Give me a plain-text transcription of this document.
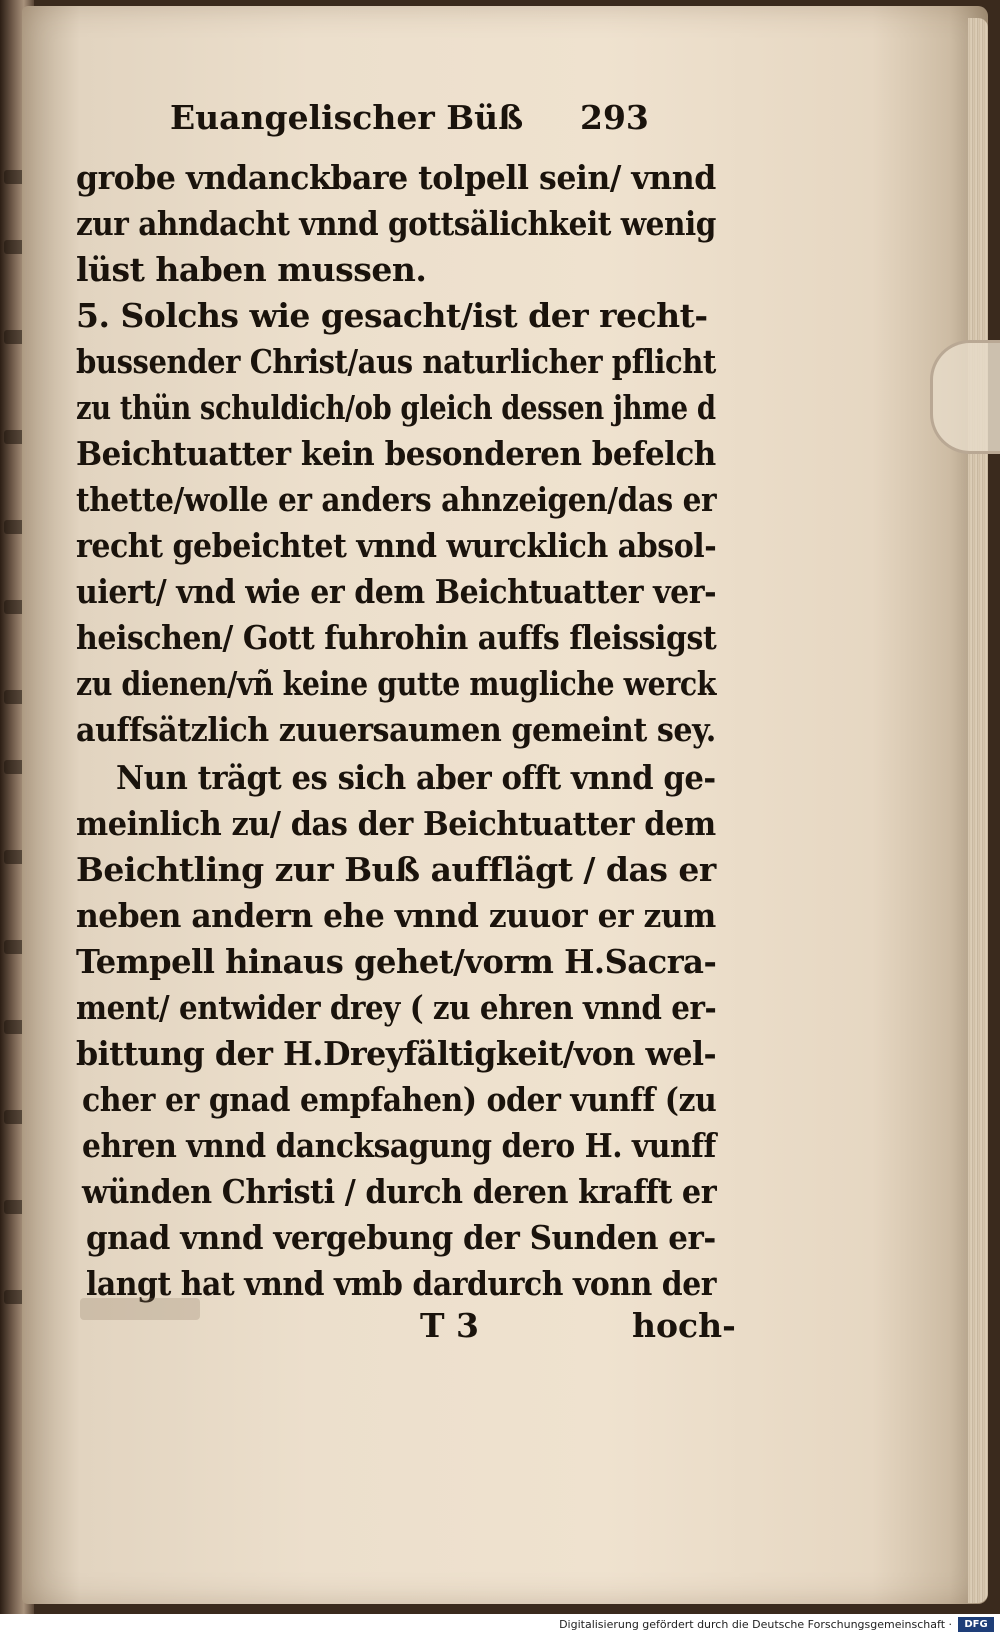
Euangelischer Büß 293
grobe vndanckbare tolpell sein/ vnnd
zur ahndacht vnnd gottsälichkeit wenig
lüst haben mussen.
5. Solchs wie gesacht/ist der recht-
bussender Christ/aus naturlicher pflicht
zu thün schuldich/ob gleich dessen jhme d
Beichtuatter kein besonderen befelch
thette/wolle er anders ahnzeigen/das er
recht gebeichtet vnnd wurcklich absol-
uiert/ vnd wie er dem Beichtuatter ver-
heischen/ Gott fuhrohin auffs fleissigst
zu dienen/vñ keine gutte mugliche werck
auffsätzlich zuuersaumen gemeint sey.
Nun trägt es sich aber offt vnnd ge-
meinlich zu/ das der Beichtuatter dem
Beichtling zur Buß aufflägt / das er
neben andern ehe vnnd zuuor er zum
Tempell hinaus gehet/vorm H.Sacra-
ment/ entwider drey ( zu ehren vnnd er-
bittung der H.Dreyfältigkeit/von wel-
cher er gnad empfahen) oder vunff (zu
ehren vnnd dancksagung dero H. vunff
wünden Christi / durch deren krafft er
gnad vnnd vergebung der Sunden er-
langt hat vnnd vmb dardurch vonn der
T 3	hoch-
Digitalisierung gefördert durch die Deutsche Forschungsgemeinschaft ·	DFG
